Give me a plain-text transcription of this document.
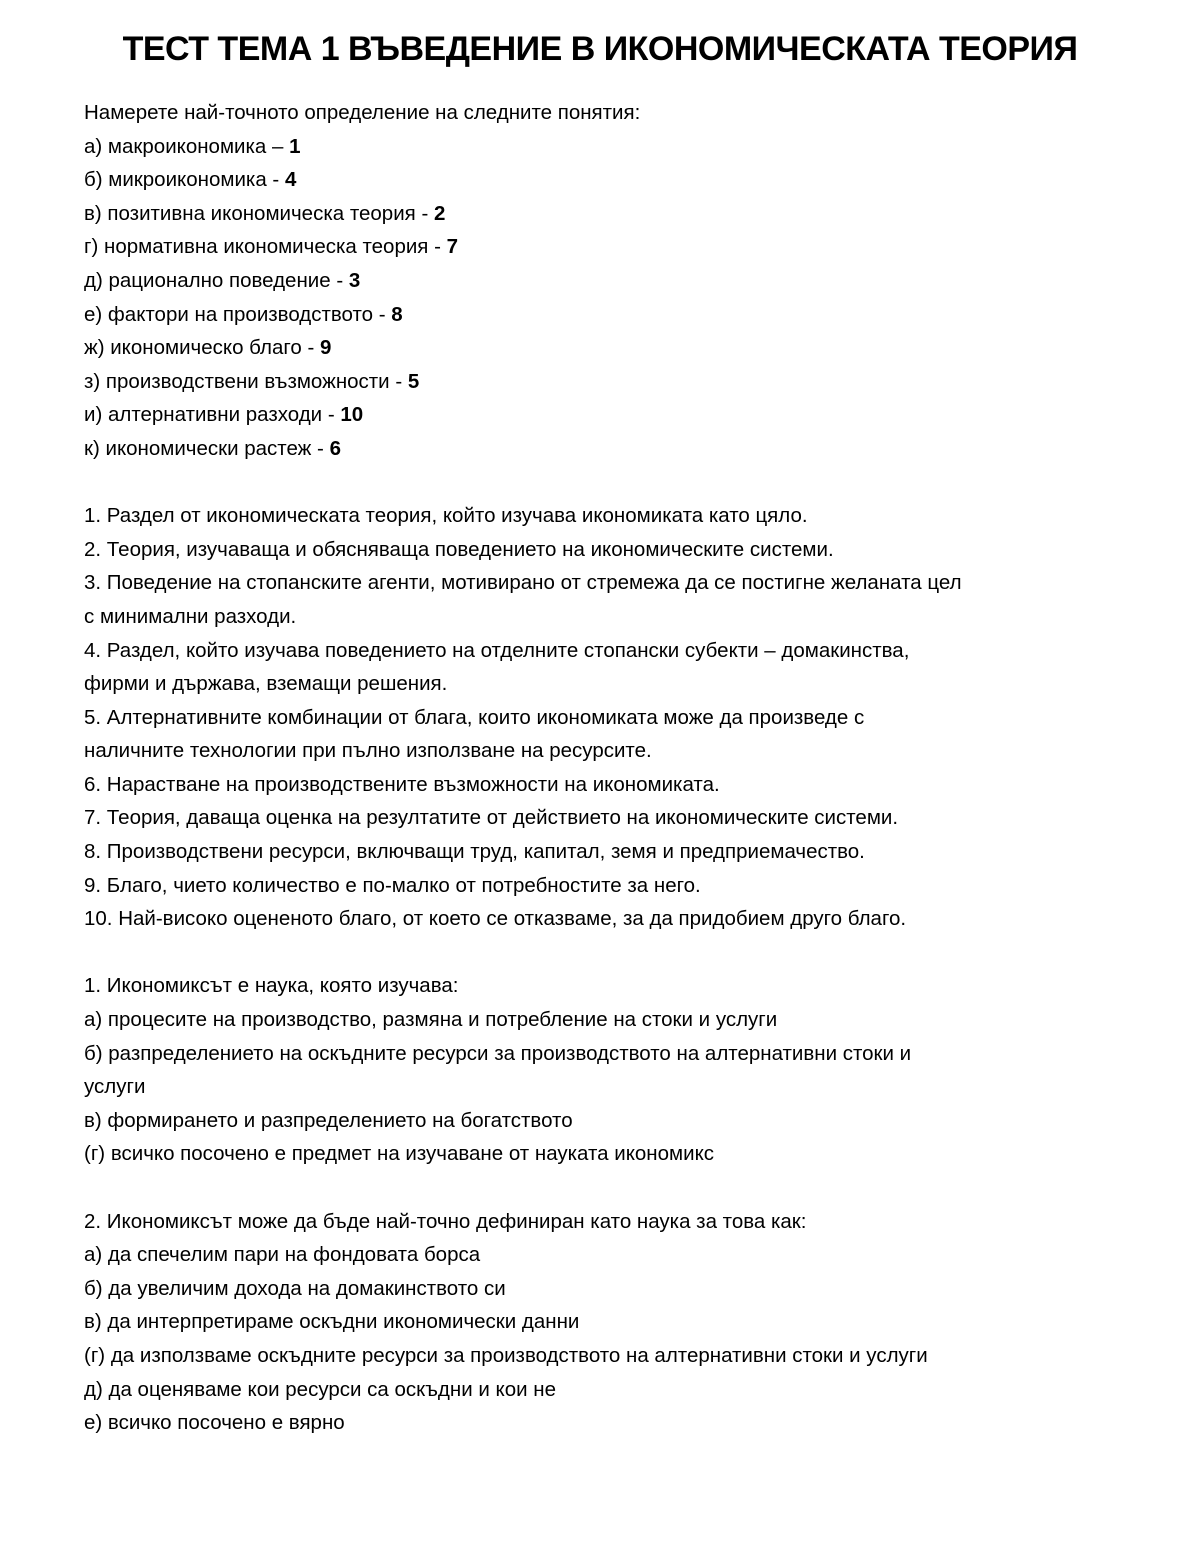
ТЕСТ ТЕМА 1 ВЪВЕДЕНИЕ В ИКОНОМИЧЕСКАТА ТЕОРИЯ
Намерете най-точното определение на следните понятия:
а) макроикономика – 1
б) микроикономика - 4
в) позитивна икономическа теория - 2
г) нормативна икономическа теория - 7
д) рационално поведение - 3
е) фактори на производството - 8
ж) икономическо благо - 9
з) производствени възможности - 5
и) алтернативни разходи - 10
к) икономически растеж - 6
1. Раздел от икономическата теория, който изучава икономиката като цяло.
2. Теория, изучаваща и обясняваща поведението на икономическите системи.
3. Поведение на стопанските агенти, мотивирано от стремежа да се постигне желаната цел
с минимални разходи.
4. Раздел, който изучава поведението на отделните стопански субекти – домакинства,
фирми и държава, вземащи решения.
5. Алтернативните комбинации от блага, които икономиката може да произведе с
наличните технологии при пълно използване на ресурсите.
6. Нарастване на производствените възможности на икономиката.
7. Теория, даваща оценка на резултатите от действието на икономическите системи.
8. Производствени ресурси, включващи труд, капитал, земя и предприемачество.
9. Благо, чието количество е по-малко от потребностите за него.
10. Най-високо оцененото благо, от което се отказваме, за да придобием друго благо.
1. Икономиксът е наука, която изучава:
а) процесите на производство, размяна и потребление на стоки и услуги
б) разпределението на оскъдните ресурси за производството на алтернативни стоки и
услуги
в) формирането и разпределението на богатството
(г) всичко посочено е предмет на изучаване от науката икономикс
2. Икономиксът може да бъде най-точно дефиниран като наука за това как:
а) да спечелим пари на фондовата борса
б) да увеличим дохода на домакинството си
в) да интерпретираме оскъдни икономически данни
(г) да използваме оскъдните ресурси за производството на алтернативни стоки и услуги
д) да оценяваме кои ресурси са оскъдни и кои не
е) всичко посочено е вярно
